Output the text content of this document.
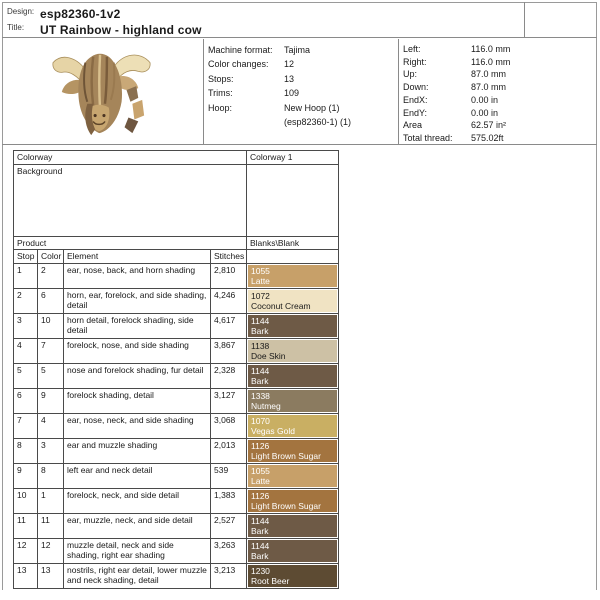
Design: esp82360-1v2
Title: UT Rainbow - highland cow
Machine format:	Tajima
Color changes:	12
Stops:	13
Trims:	109
Hoop:	New Hoop (1)
(esp82360-1) (1)
Left:	116.0 mm
Right:	116.0 mm
Up:	87.0 mm
Down:	87.0 mm
EndX:	0.00 in
EndY:	0.00 in
Area	62.57 in²
Total thread:	575.02ft
Colorway				Colorway 1
Background				

Product				Blanks\Blank
Stop	Color	Element	Stitches	
1	2	ear, nose, back, and horn shading	2,810	1055
Latte

2	6	horn, ear, forelock, and side shading, detail	4,246	1072
Coconut Cream

3	10	horn detail, forelock shading, side detail	4,617	1144
Bark

4	7	forelock, nose, and side shading	3,867	1138
Doe Skin

5	5	nose and forelock shading, fur detail	2,328	1144
Bark

6	9	forelock shading, detail	3,127	1338
Nutmeg

7	4	ear, nose, neck, and side shading	3,068	1070
Vegas Gold

8	3	ear and muzzle shading	2,013	1126
Light Brown Sugar

9	8	left ear and neck detail	539	1055
Latte

10	1	forelock, neck, and side detail	1,383	1126
Light Brown Sugar

11	11	ear, muzzle, neck, and side detail	2,527	1144
Bark

12	12	muzzle detail, neck and side shading, right ear shading	3,263	1144
Bark

13	13	nostrils, right ear detail, lower muzzle and neck shading, detail	3,213	1230
Root Beer
